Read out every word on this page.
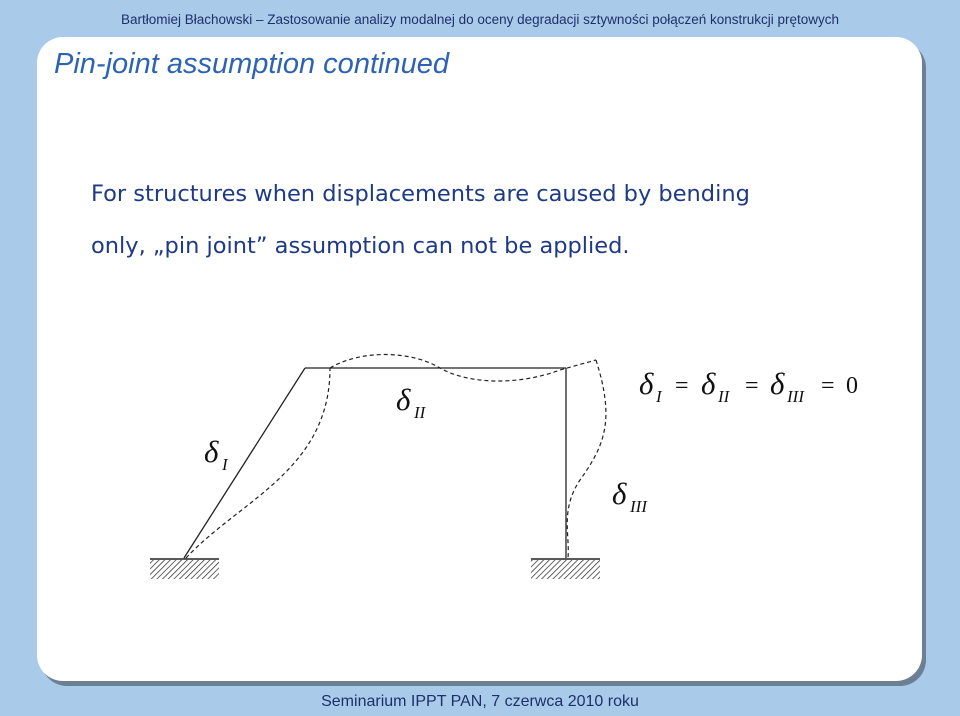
Bartłomiej Błachowski – Zastosowanie analizy modalnej do oceny degradacji sztywności połączeń konstrukcji prętowych
Pin-joint assumption continued
For structures when displacements are caused by bending
only, „pin joint” assumption can not be applied.
δ I
δ II
δ III
δ I = δ II = δ III = 0
Seminarium IPPT PAN, 7 czerwca 2010 roku
